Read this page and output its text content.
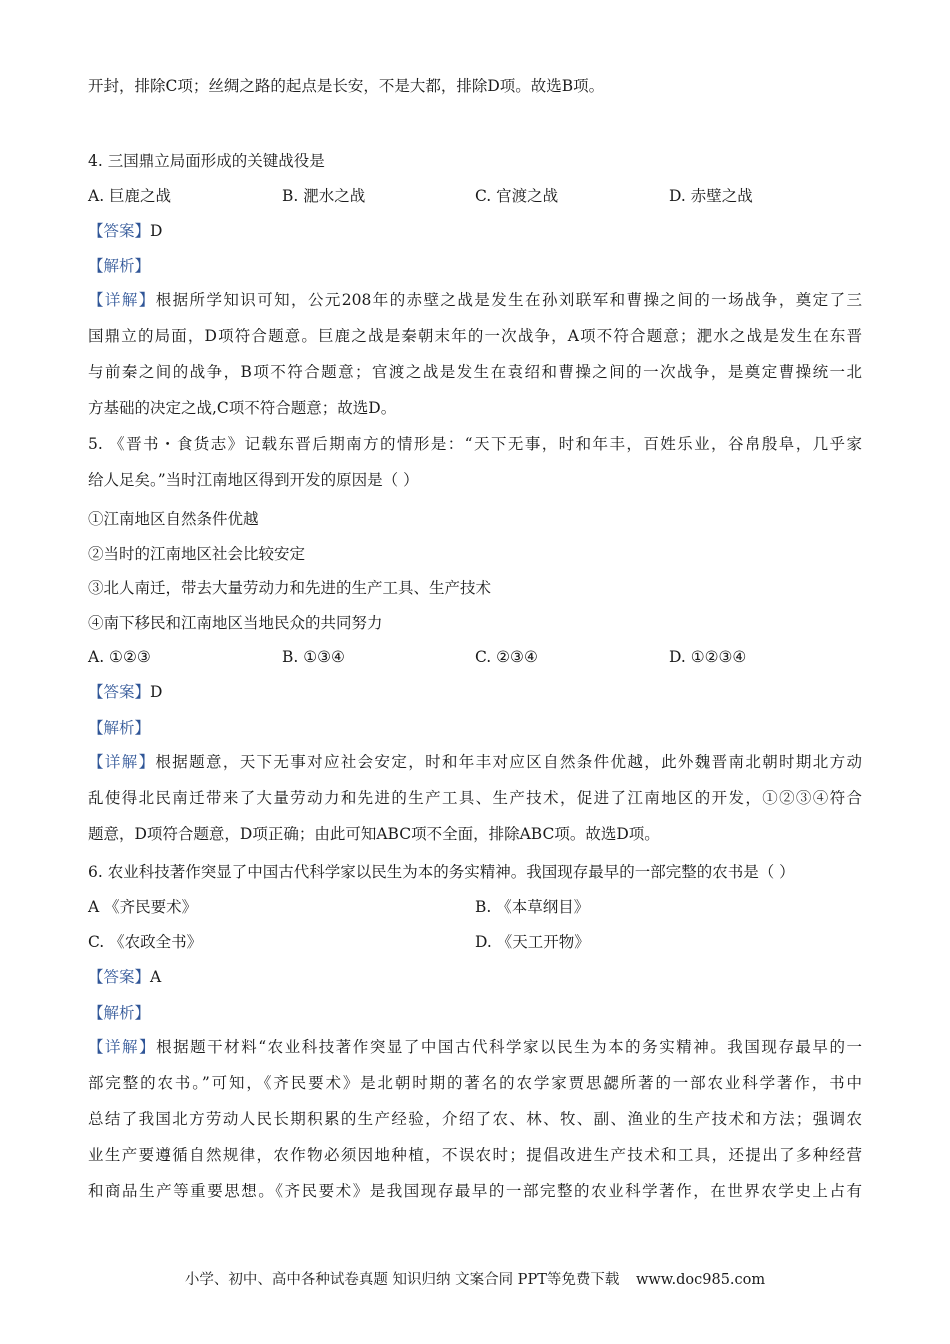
开封，排除C项；丝绸之路的起点是长安，不是大都，排除D项。故选B项。
4. 三国鼎立局面形成的关键战役是
A. 巨鹿之战	B. 淝水之战	C. 官渡之战	D. 赤壁之战
【答案】D
【解析】
【详解】根据所学知识可知，公元208年的赤壁之战是发生在孙刘联军和曹操之间的一场战争，奠定了三
国鼎立的局面，D项符合题意。巨鹿之战是秦朝末年的一次战争，A项不符合题意；淝水之战是发生在东晋
与前秦之间的战争，B项不符合题意；官渡之战是发生在袁绍和曹操之间的一次战争，是奠定曹操统一北
方基础的决定之战,C项不符合题意；故选D。
5. 《晋书・食货志》记载东晋后期南方的情形是：“天下无事，时和年丰，百姓乐业，谷帛殷阜，几乎家
给人足矣。”当时江南地区得到开发的原因是（ ）
①江南地区自然条件优越
②当时的江南地区社会比较安定
③北人南迁，带去大量劳动力和先进的生产工具、生产技术
④南下移民和江南地区当地民众的共同努力
A. ①②③	B. ①③④	C. ②③④	D. ①②③④
【答案】D
【解析】
【详解】根据题意，天下无事对应社会安定，时和年丰对应区自然条件优越，此外魏晋南北朝时期北方动
乱使得北民南迁带来了大量劳动力和先进的生产工具、生产技术，促进了江南地区的开发，①②③④符合
题意，D项符合题意，D项正确；由此可知ABC项不全面，排除ABC项。故选D项。
6. 农业科技著作突显了中国古代科学家以民生为本的务实精神。我国现存最早的一部完整的农书是（ ）
A 《齐民要术》	B. 《本草纲目》
C. 《农政全书》	D. 《天工开物》
【答案】A
【解析】
【详解】根据题干材料“农业科技著作突显了中国古代科学家以民生为本的务实精神。我国现存最早的一
部完整的农书。”可知，《齐民要术》是北朝时期的著名的农学家贾思勰所著的一部农业科学著作，书中
总结了我国北方劳动人民长期积累的生产经验，介绍了农、林、牧、副、渔业的生产技术和方法；强调农
业生产要遵循自然规律，农作物必须因地种植，不误农时；提倡改进生产技术和工具，还提出了多种经营
和商品生产等重要思想。《齐民要术》是我国现存最早的一部完整的农业科学著作，在世界农学史上占有
小学、初中、高中各种试卷真题 知识归纳 文案合同 PPT等免费下载 www.doc985.com
